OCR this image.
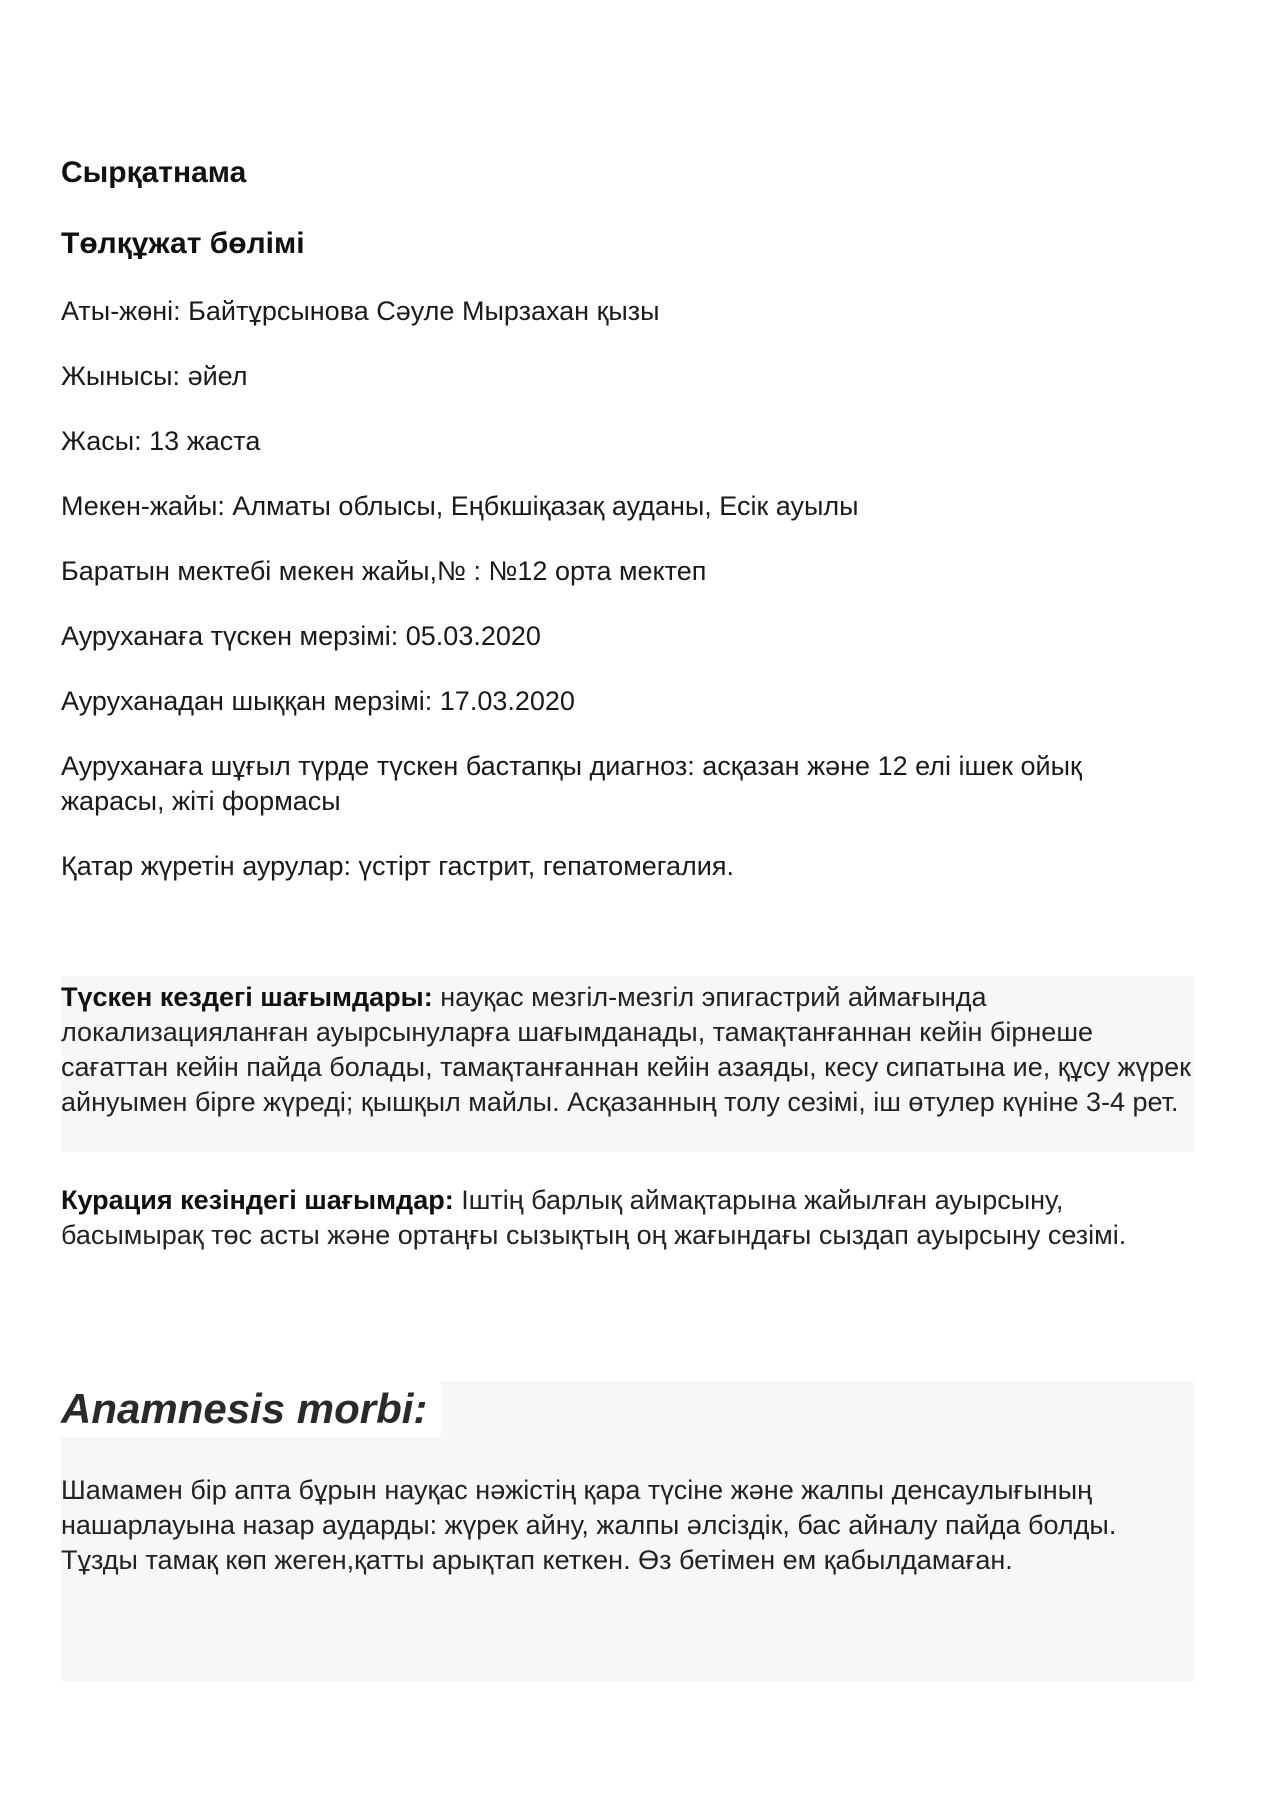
Сырқатнама
Төлқұжат бөлімі

Аты-жөні: Байтұрсынова Сәуле Мырзахан қызы

Жынысы: әйел

Жасы: 13 жаста

Мекен-жайы: Алматы облысы, Еңбкшіқазақ ауданы, Есік ауылы

Баратын мектебі мекен жайы,№ : №12 орта мектеп

Ауруханаға түскен мерзімі: 05.03.2020

Ауруханадан шыққан мерзімі: 17.03.2020

Ауруханаға шұғыл түрде түскен бастапқы диагноз: асқазан және 12 елі ішек ойық жарасы, жіті формасы

Қатар жүретін аурулар: үстірт гастрит, гепатомегалия.

Түскен кездегі шағымдары: науқас мезгіл-мезгіл эпигастрий аймағында локализацияланған ауырсынуларға шағымданады, тамақтанғаннан кейін бірнеше сағаттан кейін пайда болады, тамақтанғаннан кейін азаяды, кесу сипатына ие, құсу жүрек айнуымен бірге жүреді; қышқыл майлы. Асқазанның толу сезімі, іш өтулер күніне 3-4 рет.

Курация кезіндегі шағымдар: Іштің барлық аймақтарына жайылған ауырсыну, басымырақ төс асты және ортаңғы сызықтың оң жағындағы сыздап ауырсыну сезімі.

Anamnesis morbi:

Шамамен бір апта бұрын науқас нәжістің қара түсіне және жалпы денсаулығының нашарлауына назар аударды: жүрек айну, жалпы әлсіздік, бас айналу пайда болды. Тұзды тамақ көп жеген,қатты арықтап кеткен. Өз бетімен ем қабылдамаған.
